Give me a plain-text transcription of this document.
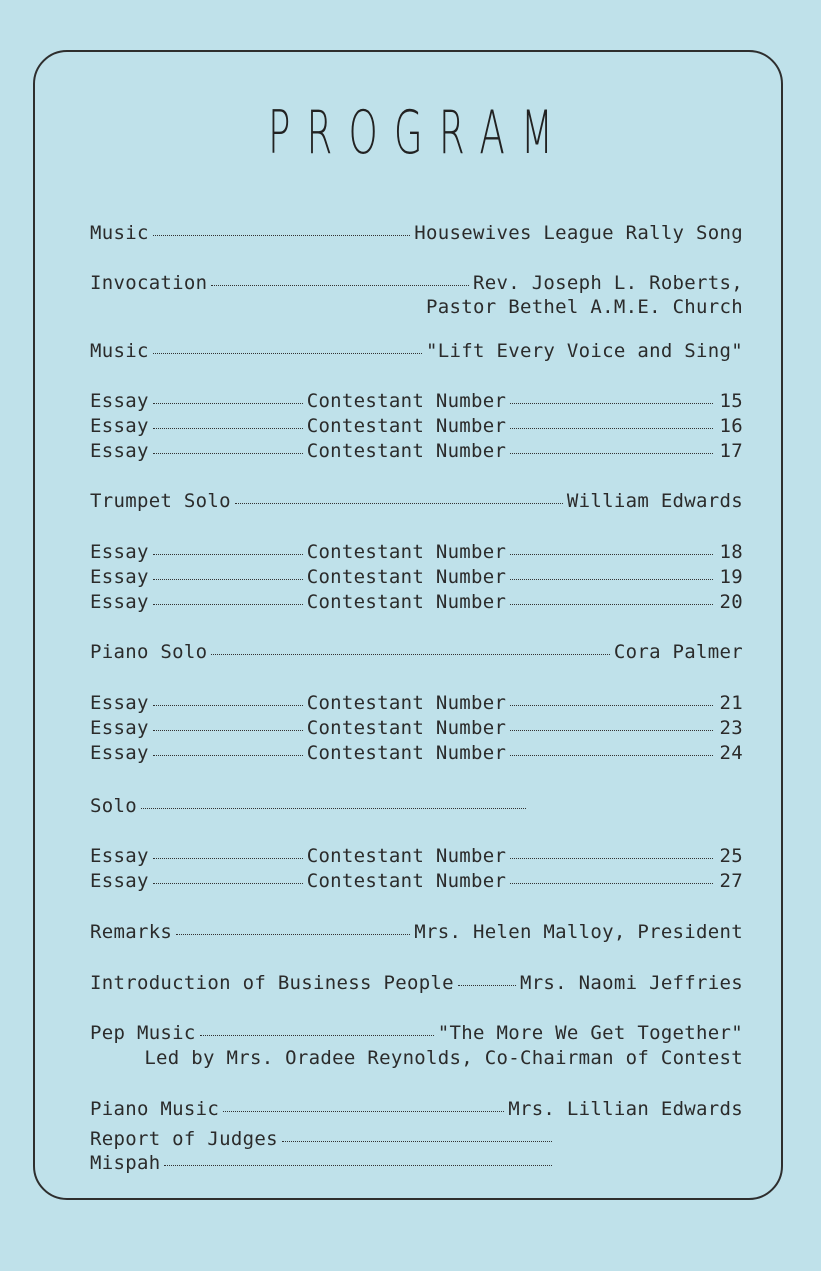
PROGRAM
Music	Housewives League Rally Song
Invocation	Rev. Joseph L. Roberts,
Pastor Bethel A.M.E. Church
Music	"Lift Every Voice and Sing"
Essay	Contestant Number	15
Essay	Contestant Number	16
Essay	Contestant Number	17
Trumpet Solo	William Edwards
Essay	Contestant Number	18
Essay	Contestant Number	19
Essay	Contestant Number	20
Piano Solo	Cora Palmer
Essay	Contestant Number	21
Essay	Contestant Number	23
Essay	Contestant Number	24
Solo
Essay	Contestant Number	25
Essay	Contestant Number	27
Remarks	Mrs. Helen Malloy, President
Introduction of Business People	Mrs. Naomi Jeffries
Pep Music	"The More We Get Together"
Led by Mrs. Oradee Reynolds, Co-Chairman of Contest
Piano Music	Mrs. Lillian Edwards
Report of Judges
Mispah
